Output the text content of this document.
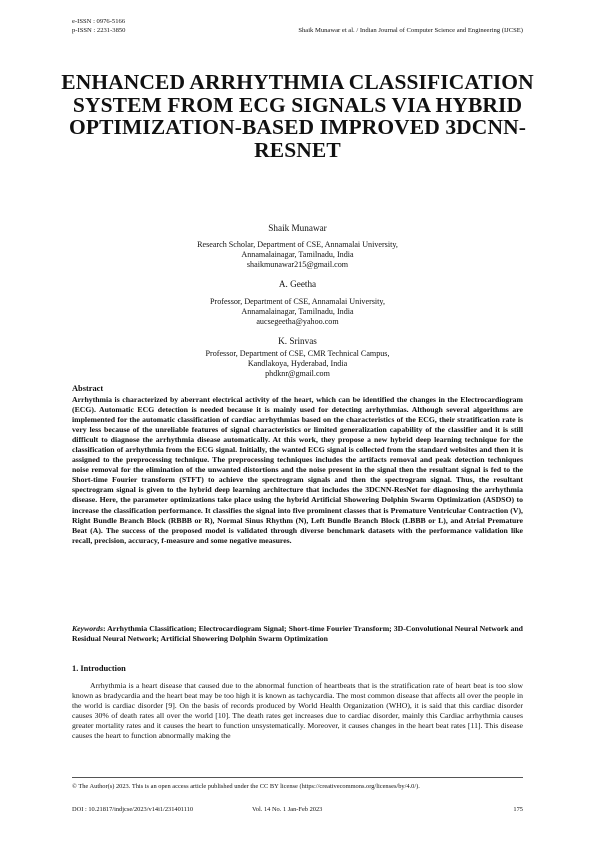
e-ISSN : 0976-5166
p-ISSN : 2231-3850	Shaik Munawar et al. / Indian Journal of Computer Science and Engineering (IJCSE)
ENHANCED ARRHYTHMIA CLASSIFICATION SYSTEM FROM ECG SIGNALS VIA HYBRID OPTIMIZATION-BASED IMPROVED 3DCNN-RESNET
Shaik Munawar
Research Scholar, Department of CSE, Annamalai University,
Annamalainagar, Tamilnadu, India
shaikmunawar215@gmail.com
A. Geetha
Professor, Department of CSE, Annamalai University,
Annamalainagar, Tamilnadu, India
aucsegeetha@yahoo.com
K. Srinvas
Professor, Department of CSE, CMR Technical Campus,
Kandlakoya, Hyderabad, India
phdknr@gmail.com
Abstract
Arrhythmia is characterized by aberrant electrical activity of the heart, which can be identified the changes in the Electrocardiogram (ECG). Automatic ECG detection is needed because it is mainly used for detecting arrhythmias. Although several algorithms are implemented for the automatic classification of cardiac arrhythmias based on the characteristics of the ECG, their stratification rate is very less because of the unreliable features of signal characteristics or limited generalization capability of the classifier and it is still difficult to diagnose the arrhythmia disease automatically. At this work, they propose a new hybrid deep learning technique for the classification of arrhythmia from the ECG signal. Initially, the wanted ECG signal is collected from the standard websites and then it is assigned to the preprocessing technique. The preprocessing techniques includes the artifacts removal and peak detection techniques noise removal for the elimination of the unwanted distortions and the noise present in the signal then the resultant signal is fed to the Short-time Fourier transform (STFT) to achieve the spectrogram signals and then the spectrogram signal. Thus, the resultant spectrogram signal is given to the hybrid deep learning architecture that includes the 3DCNN-ResNet for diagnosing the arrhythmia disease. Here, the parameter optimizations take place using the hybrid Artificial Showering Dolphin Swarm Optimization (ASDSO) to increase the classification performance. It classifies the signal into five prominent classes that is Premature Ventricular Contraction (V), Right Bundle Branch Block (RBBB or R), Normal Sinus Rhythm (N), Left Bundle Branch Block (LBBB or L), and Atrial Premature Beat (A). The success of the proposed model is validated through diverse benchmark datasets with the performance validation like recall, precision, accuracy, f-measure and some negative measures.
Keywords: Arrhythmia Classification; Electrocardiogram Signal; Short-time Fourier Transform; 3D-Convolutional Neural Network and Residual Neural Network; Artificial Showering Dolphin Swarm Optimization
1. Introduction
Arrhythmia is a heart disease that caused due to the abnormal function of heartbeats that is the stratification rate of heart beat is too slow known as bradycardia and the heart beat may be too high it is known as tachycardia. The most common disease that affects all over the people in the world is cardiac disorder [9]. On the basis of records produced by World Health Organization (WHO), it is said that this cardiac disorder causes 30% of death rates all over the world [10]. The death rates get increases due to cardiac disorder, mainly this Cardiac arrhythmia causes greater mortality rates and it causes the heart to function unsystematically. Moreover, it causes changes in the heart beat rates [11]. This disease causes the heart to function abnormally making the
© The Author(s) 2023. This is an open access article published under the CC BY license (https://creativecommons.org/licenses/by/4.0/).
DOI : 10.21817/indjcse/2023/v14i1/231401110	Vol. 14 No. 1 Jan-Feb 2023	175
